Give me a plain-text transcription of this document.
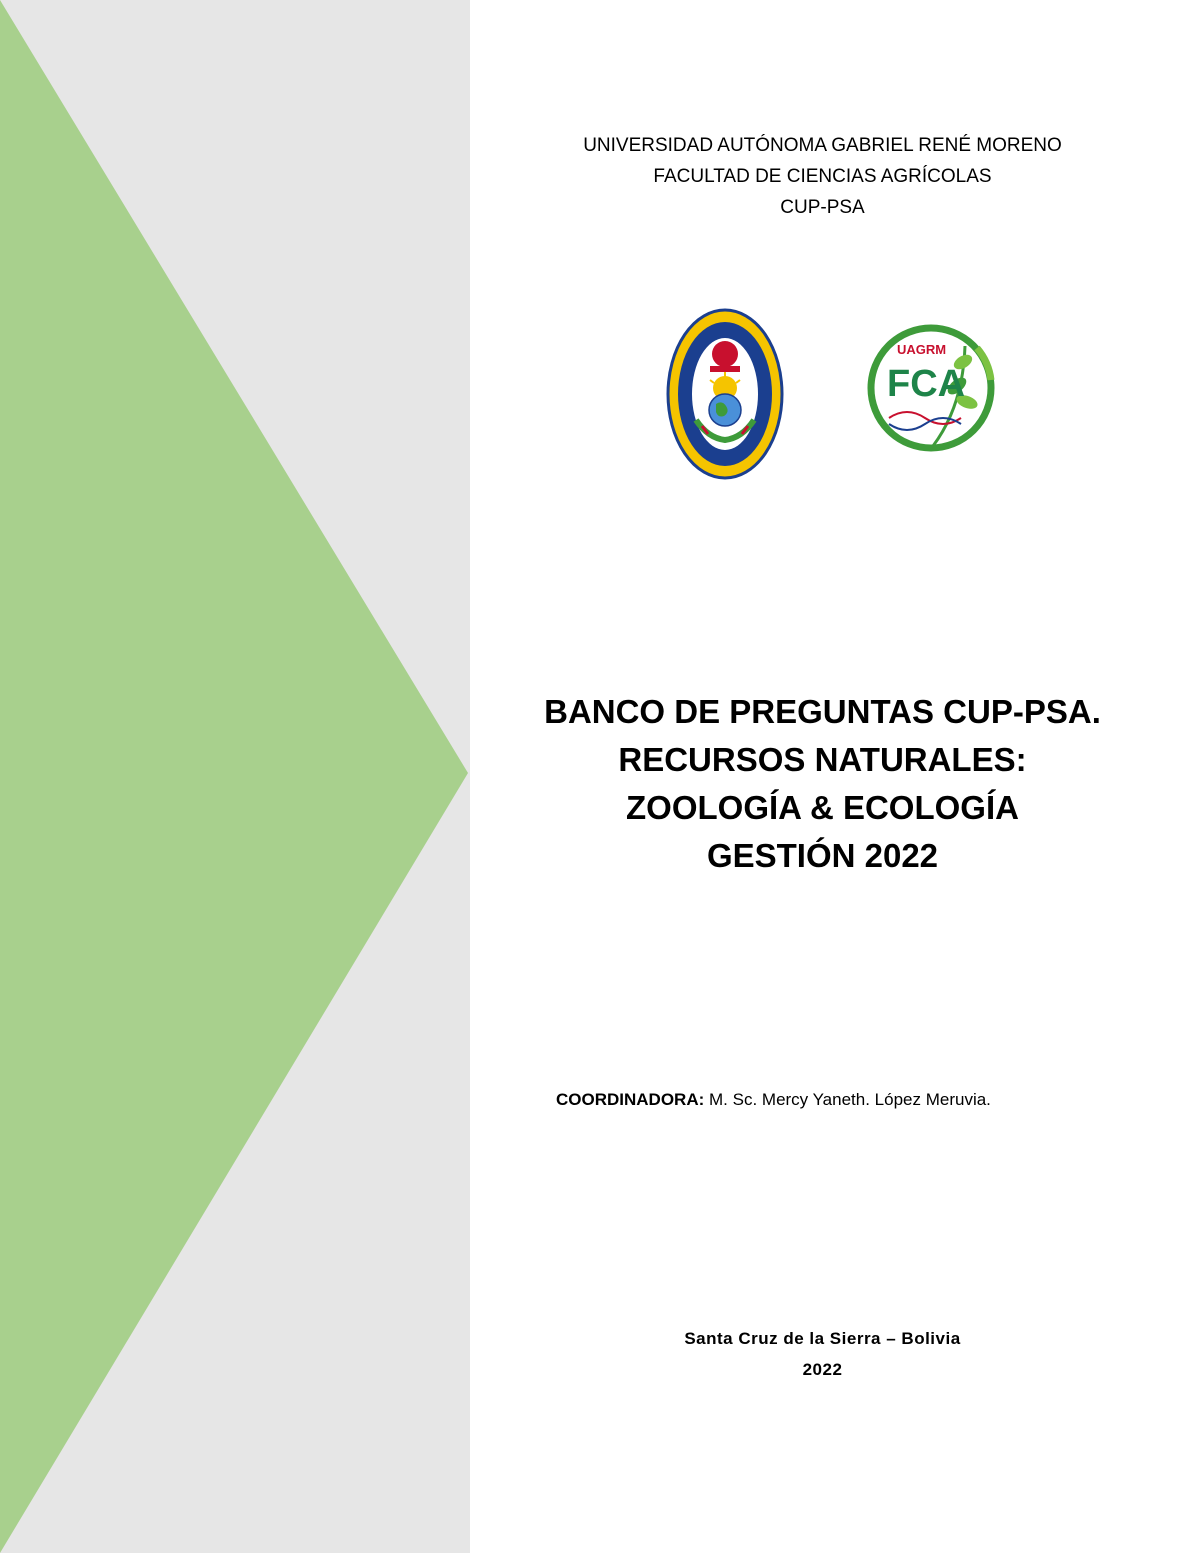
UNIVERSIDAD AUTÓNOMA GABRIEL RENÉ MORENO
FACULTAD DE CIENCIAS AGRÍCOLAS
CUP-PSA
UAGRM
FCA
BANCO DE PREGUNTAS CUP-PSA.
RECURSOS NATURALES:
ZOOLOGÍA & ECOLOGÍA
GESTIÓN 2022
COORDINADORA: M. Sc. Mercy Yaneth. López Meruvia.
Santa Cruz de la Sierra – Bolivia
2022
